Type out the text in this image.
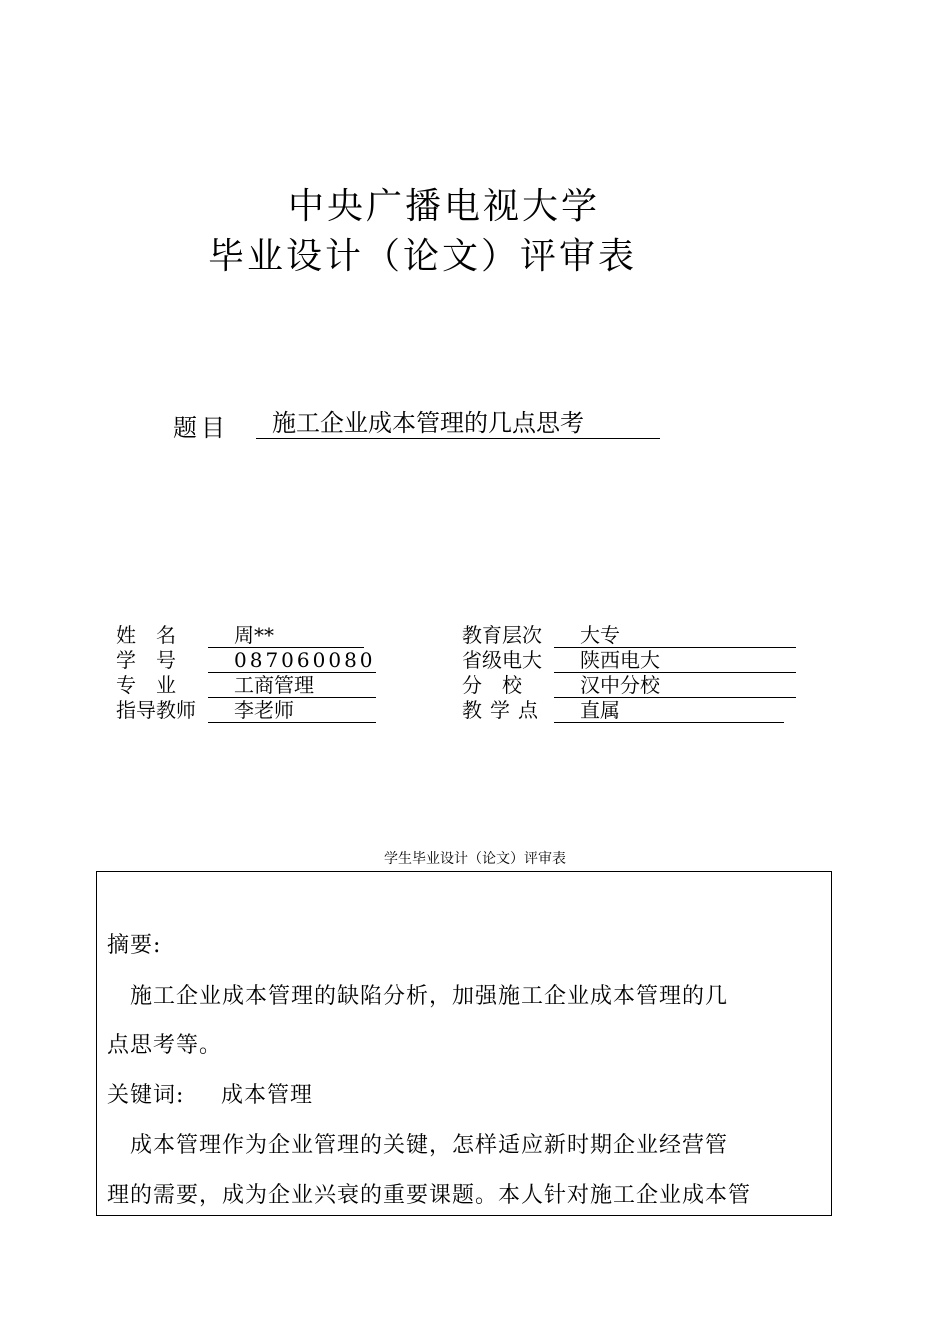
中央广播电视大学
毕业设计（论文）评审表
题目	施工企业成本管理的几点思考
姓　名	周**
学　号	087060080
专　业	工商管理
指导教师	李老师
教育层次	大专
省级电大	陕西电大
分　校	汉中分校
教学点	直属
学生毕业设计（论文）评审表
摘要:
　施工企业成本管理的缺陷分析，加强施工企业成本管理的几
点思考等。
关键词: 成本管理
　成本管理作为企业管理的关键，怎样适应新时期企业经营管
理的需要，成为企业兴衰的重要课题。本人针对施工企业成本管
